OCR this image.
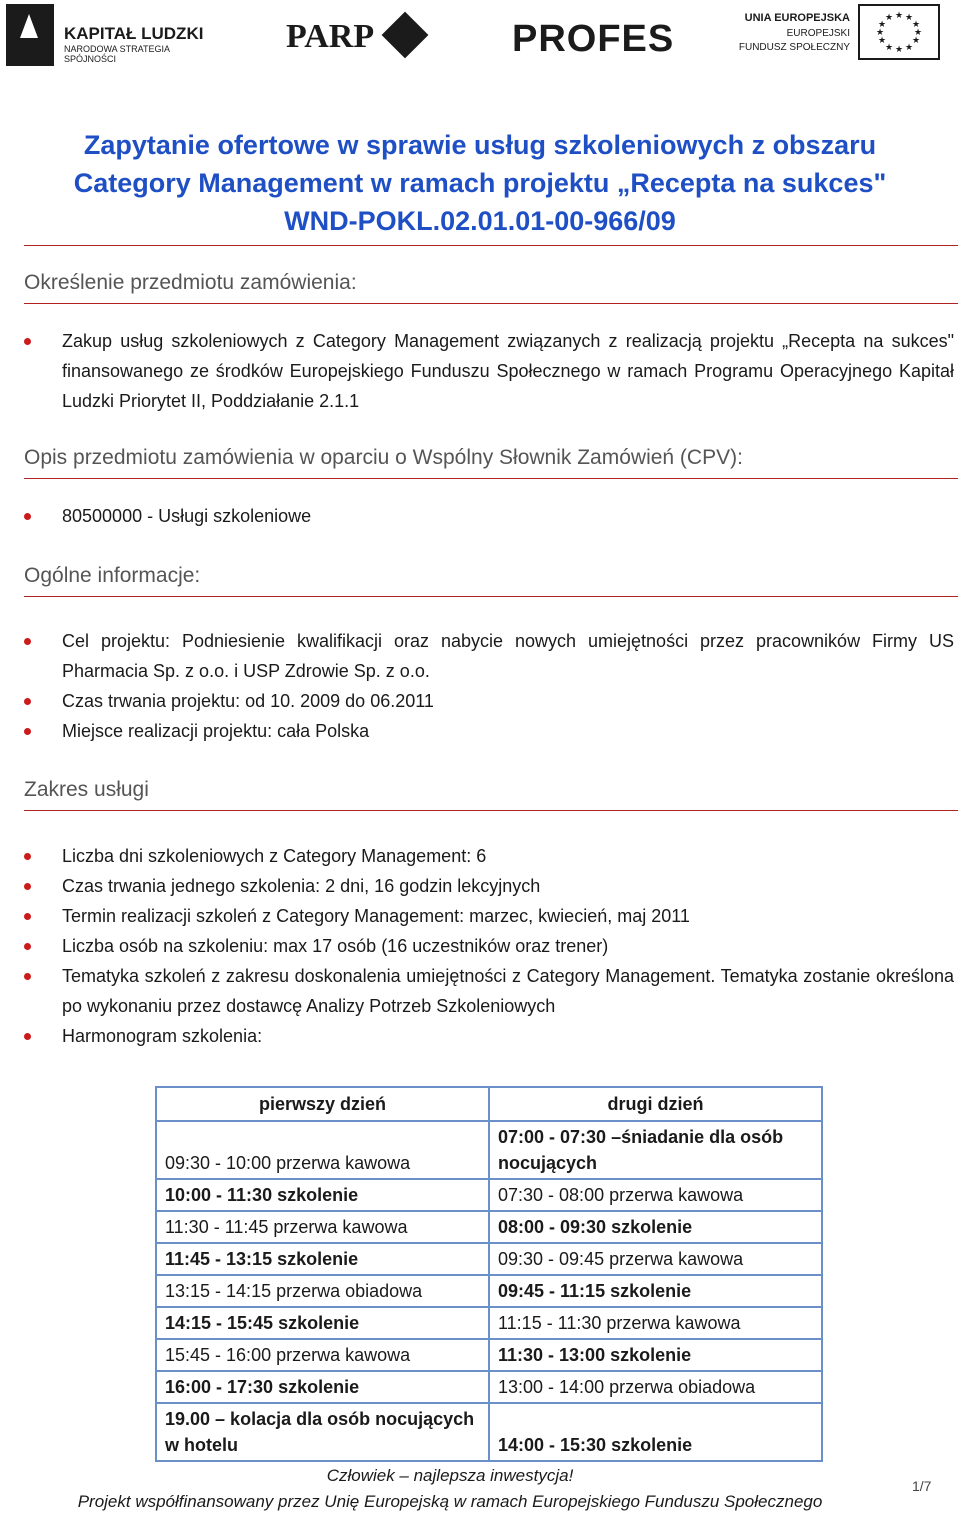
KAPITAŁ LUDZKI
NARODOWA STRATEGIA SPÓJNOŚCI
PARP	PROFES	UNIA EUROPEJSKA
EUROPEJSKI
FUNDUSZ SPOŁECZNY
★ ★
★
★
★
★
★
★
★
★
★
★
Zapytanie ofertowe w sprawie usług szkoleniowych z obszaru
Category Management w ramach projektu „Recepta na sukces"
WND-POKL.02.01.01-00-966/09
Określenie przedmiotu zamówienia:
Zakup usług szkoleniowych z Category Management związanych z realizacją projektu „Recepta na sukces" finansowanego ze środków Europejskiego Funduszu Społecznego w ramach Programu Operacyjnego Kapitał Ludzki Priorytet II, Poddziałanie 2.1.1
Opis przedmiotu zamówienia w oparciu o Wspólny Słownik Zamówień (CPV):
80500000 - Usługi szkoleniowe
Ogólne informacje:
Cel projektu: Podniesienie kwalifikacji oraz nabycie nowych umiejętności przez pracowników Firmy US Pharmacia Sp. z o.o. i USP Zdrowie Sp. z o.o.
Czas trwania projektu: od 10. 2009 do 06.2011
Miejsce realizacji projektu: cała Polska
Zakres usługi
Liczba dni szkoleniowych z Category Management: 6
Czas trwania jednego szkolenia: 2 dni, 16 godzin lekcyjnych
Termin realizacji szkoleń z Category Management: marzec, kwiecień, maj 2011
Liczba osób na szkoleniu: max 17 osób (16 uczestników oraz trener)
Tematyka szkoleń z zakresu doskonalenia umiejętności z Category Management. Tematyka zostanie określona po wykonaniu przez dostawcę Analizy Potrzeb Szkoleniowych
Harmonogram szkolenia:
pierwszy dzień	drugi dzień
09:30 - 10:00 przerwa kawowa	07:00 - 07:30 –śniadanie dla osób nocujących
10:00 - 11:30 szkolenie	07:30 - 08:00 przerwa kawowa
11:30 - 11:45 przerwa kawowa	08:00 - 09:30 szkolenie
11:45 - 13:15 szkolenie	09:30 - 09:45 przerwa kawowa
13:15 - 14:15 przerwa obiadowa	09:45 - 11:15 szkolenie
14:15 - 15:45 szkolenie	11:15 - 11:30 przerwa kawowa
15:45 - 16:00 przerwa kawowa	11:30 - 13:00 szkolenie
16:00 - 17:30 szkolenie	13:00 - 14:00 przerwa obiadowa
19.00 – kolacja dla osób nocujących w hotelu	14:00 - 15:30 szkolenie
Człowiek – najlepsza inwestycja!
Projekt współfinansowany przez Unię Europejską w ramach Europejskiego Funduszu Społecznego
1/7
